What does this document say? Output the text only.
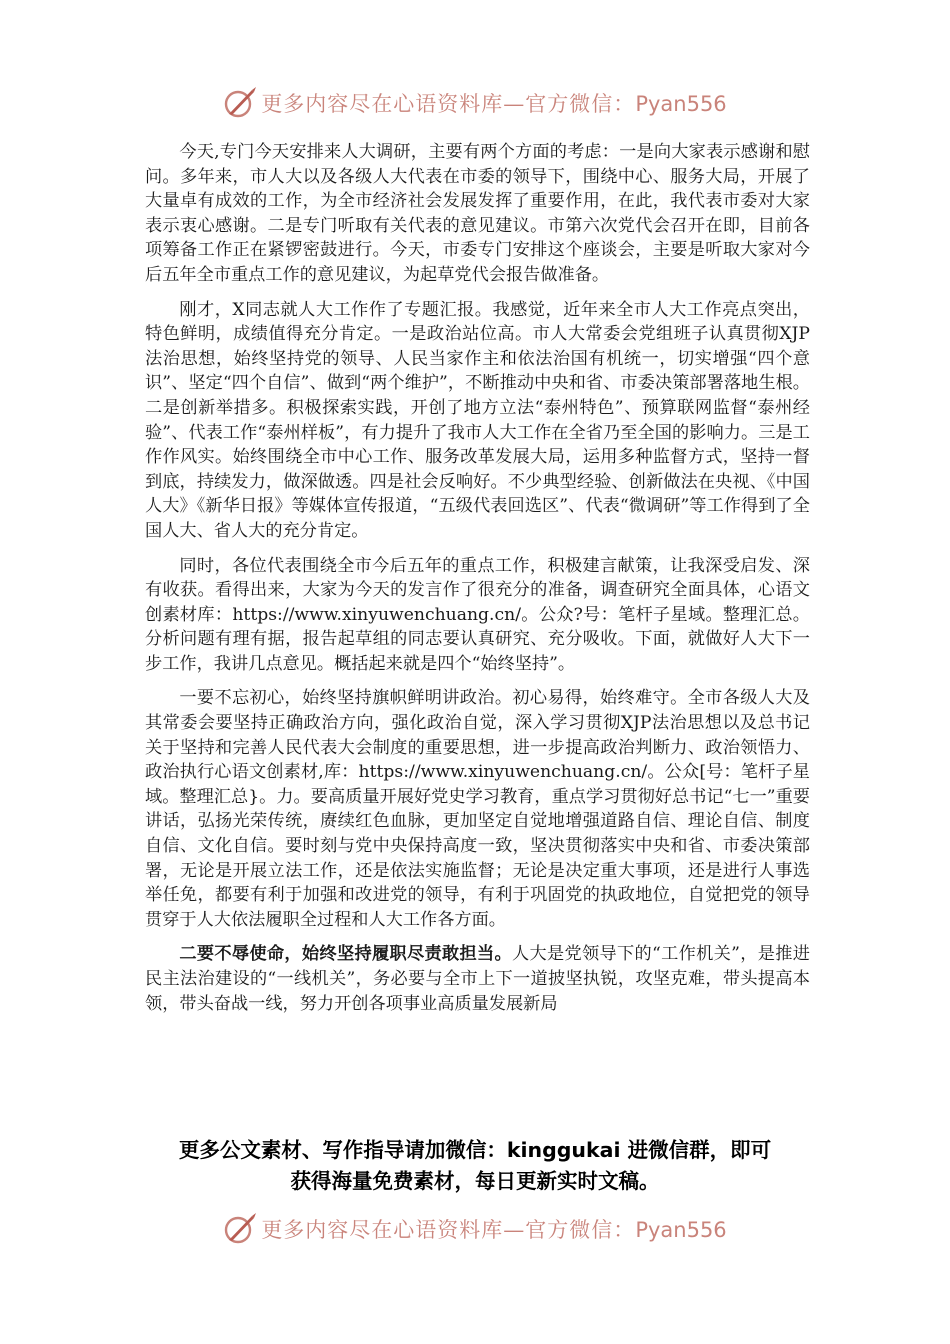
更多内容尽在心语资料库—官方微信：Pyan556

今天,专门今天安排来人大调研，主要有两个方面的考虑：一是向大家表示感谢和慰问。多年来，市人大以及各级人大代表在市委的领导下，围绕中心、服务大局，开展了大量卓有成效的工作，为全市经济社会发展发挥了重要作用，在此，我代表市委对大家表示衷心感谢。二是专门听取有关代表的意见建议。市第六次党代会召开在即，目前各项筹备工作正在紧锣密鼓进行。今天，市委专门安排这个座谈会，主要是听取大家对今后五年全市重点工作的意见建议，为起草党代会报告做准备。

刚才，X同志就人大工作作了专题汇报。我感觉，近年来全市人大工作亮点突出，特色鲜明，成绩值得充分肯定。一是政治站位高。市人大常委会党组班子认真贯彻XJP法治思想，始终坚持党的领导、人民当家作主和依法治国有机统一，切实增强“四个意识”、坚定“四个自信”、做到“两个维护”，不断推动中央和省、市委决策部署落地生根。二是创新举措多。积极探索实践，开创了地方立法“泰州特色”、预算联网监督“泰州经验”、代表工作“泰州样板”，有力提升了我市人大工作在全省乃至全国的影响力。三是工作作风实。始终围绕全市中心工作、服务改革发展大局，运用多种监督方式，坚持一督到底，持续发力，做深做透。四是社会反响好。不少典型经验、创新做法在央视、《中国人大》《新华日报》等媒体宣传报道，“五级代表回选区”、代表“微调研”等工作得到了全国人大、省人大的充分肯定。

同时，各位代表围绕全市今后五年的重点工作，积极建言献策，让我深受启发、深有收获。看得出来，大家为今天的发言作了很充分的准备，调查研究全面具体，心语文创素材库：https://www.xinyuwenchuang.cn/。公众?号：笔杆子星域。整理汇总。分析问题有理有据，报告起草组的同志要认真研究、充分吸收。下面，就做好人大下一步工作，我讲几点意见。概括起来就是四个“始终坚持”。

一要不忘初心，始终坚持旗帜鲜明讲政治。初心易得，始终难守。全市各级人大及其常委会要坚持正确政治方向，强化政治自觉，深入学习贯彻XJP法治思想以及总书记关于坚持和完善人民代表大会制度的重要思想，进一步提高政治判断力、政治领悟力、政治执行心语文创素材,库：https://www.xinyuwenchuang.cn/。公众[号：笔杆子星域。整理汇总}。力。要高质量开展好党史学习教育，重点学习贯彻好总书记“七一”重要讲话，弘扬光荣传统，赓续红色血脉，更加坚定自觉地增强道路自信、理论自信、制度自信、文化自信。要时刻与党中央保持高度一致，坚决贯彻落实中央和省、市委决策部署，无论是开展立法工作，还是依法实施监督；无论是决定重大事项，还是进行人事选举任免，都要有利于加强和改进党的领导，有利于巩固党的执政地位，自觉把党的领导贯穿于人大依法履职全过程和人大工作各方面。

二要不辱使命，始终坚持履职尽责敢担当。人大是党领导下的“工作机关”，是推进民主法治建设的“一线机关”，务必要与全市上下一道披坚执锐，攻坚克难，带头提高本领，带头奋战一线，努力开创各项事业高质量发展新局

更多公文素材、写作指导请加微信：kinggukai 进微信群，即可
获得海量免费素材，每日更新实时文稿。
更多内容尽在心语资料库—官方微信：Pyan556
